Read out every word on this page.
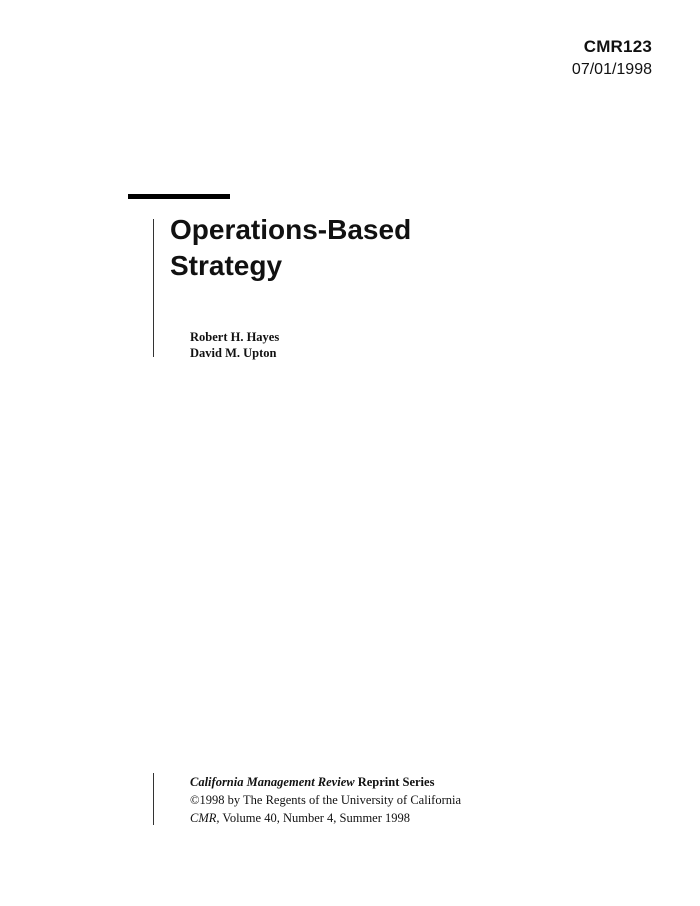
CMR123
07/01/1998
Operations-Based
Strategy
Robert H. Hayes
David M. Upton
California Management Review Reprint Series
©1998 by The Regents of the University of California
CMR, Volume 40, Number 4, Summer 1998
